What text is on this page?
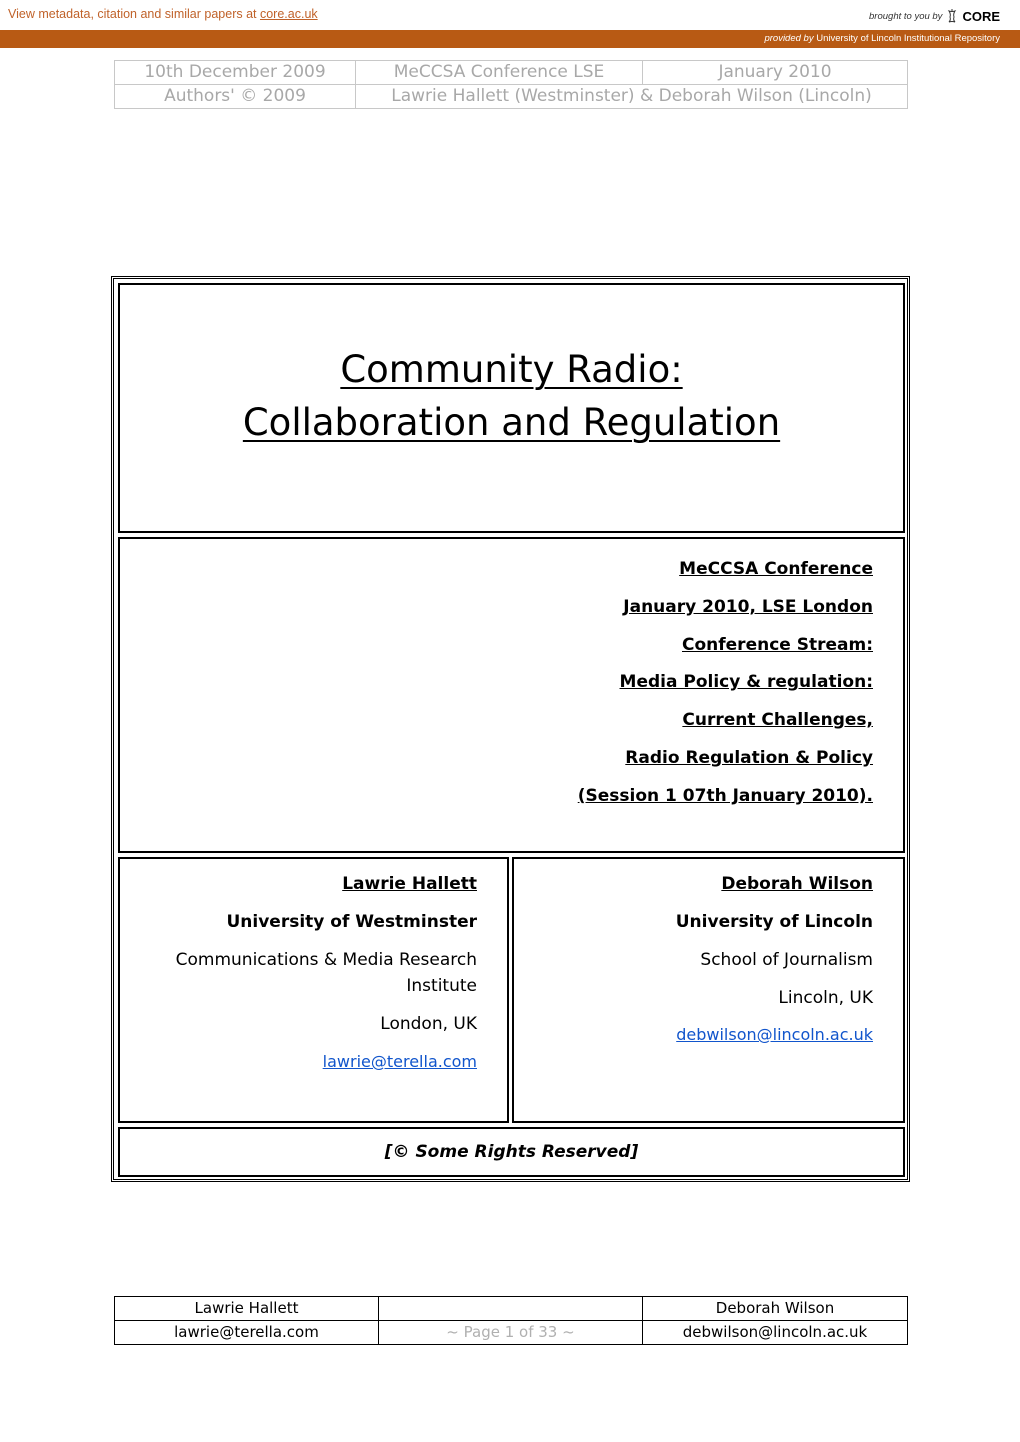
View metadata, citation and similar papers at core.ac.uk	brought to you by CORE
provided by University of Lincoln Institutional Repository
10th December 2009	MeCCSA Conference LSE	January 2010
Authors' © 2009	Lawrie Hallett (Westminster) & Deborah Wilson (Lincoln)	
Community Radio:
Collaboration and Regulation
MeCCSA Conference
January 2010, LSE London
Conference Stream:
Media Policy & regulation:
Current Challenges,
Radio Regulation & Policy
(Session 1 07th January 2010).
Lawrie Hallett
University of Westminster
Communications & Media Research
Institute
London, UK
lawrie@terella.com
Deborah Wilson
University of Lincoln
School of Journalism
Lincoln, UK
debwilson@lincoln.ac.uk
[© Some Rights Reserved]
Lawrie Hallett		Deborah Wilson
lawrie@terella.com	~ Page 1 of 33 ~	debwilson@lincoln.ac.uk
